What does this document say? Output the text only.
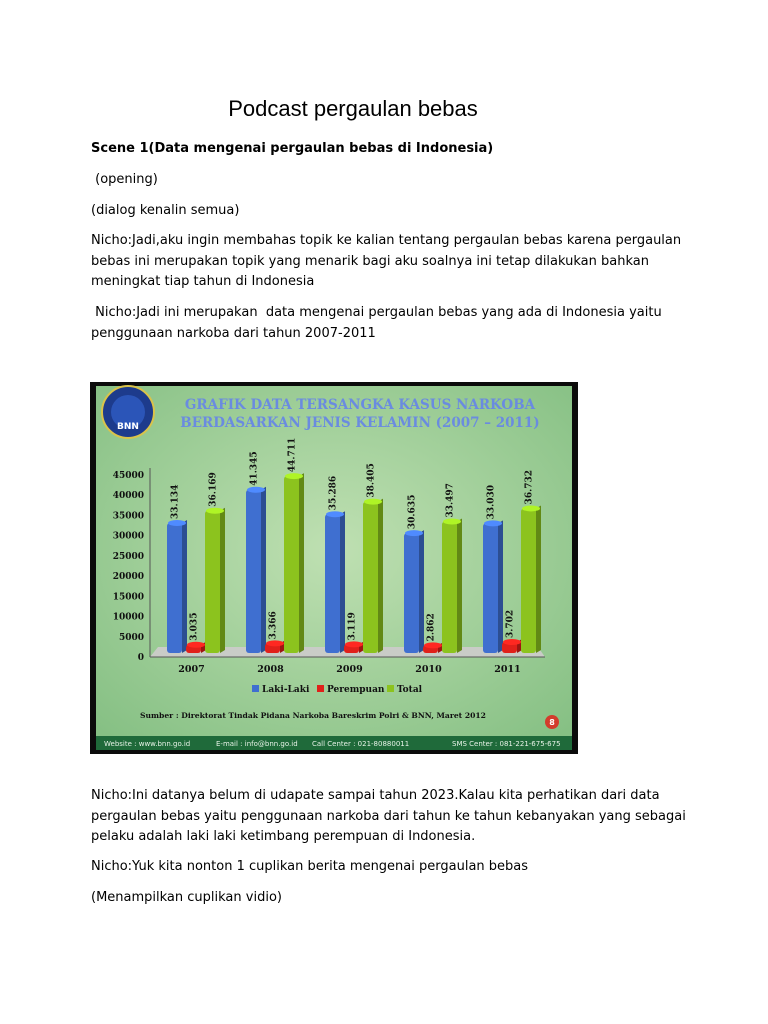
Podcast pergaulan bebas

Scene 1(Data mengenai pergaulan bebas di Indonesia)

(opening)

(dialog kenalin semua)

Nicho:Jadi,aku ingin membahas topik ke kalian tentang pergaulan bebas karena pergaulan bebas ini merupakan topik yang menarik bagi aku soalnya ini tetap dilakukan bahkan meningkat tiap tahun di Indonesia

Nicho:Jadi ini merupakan  data mengenai pergaulan bebas yang ada di Indonesia yaitu penggunaan narkoba dari tahun 2007-2011

BNN
GRAFIK DATA TERSANGKA KASUS NARKOBA
BERDASARKAN JENIS KELAMIN (2007 – 2011)
0
5000
10000
15000
20000
25000
30000
35000
40000
45000
33.134
3.035
36.169
41.345
3.366
44.711
35.286
3.119
38.405
30.635
2.862
33.497	33.030
3.702
36.732
2007	2008	2009	2010	2011
Laki-Laki Perempuan Total
Sumber : Direktorat Tindak Pidana Narkoba Bareskrim Polri & BNN, Maret 2012
8
Website : www.bnn.go.id	E-mail : info@bnn.go.id Call Center : 021-80880011	SMS Center : 081-221-675-675

Nicho:Ini datanya belum di udapate sampai tahun 2023.Kalau kita perhatikan dari data pergaulan bebas yaitu penggunaan narkoba dari tahun ke tahun kebanyakan yang sebagai pelaku adalah laki laki ketimbang perempuan di Indonesia.

Nicho:Yuk kita nonton 1 cuplikan berita mengenai pergaulan bebas

(Menampilkan cuplikan vidio)
